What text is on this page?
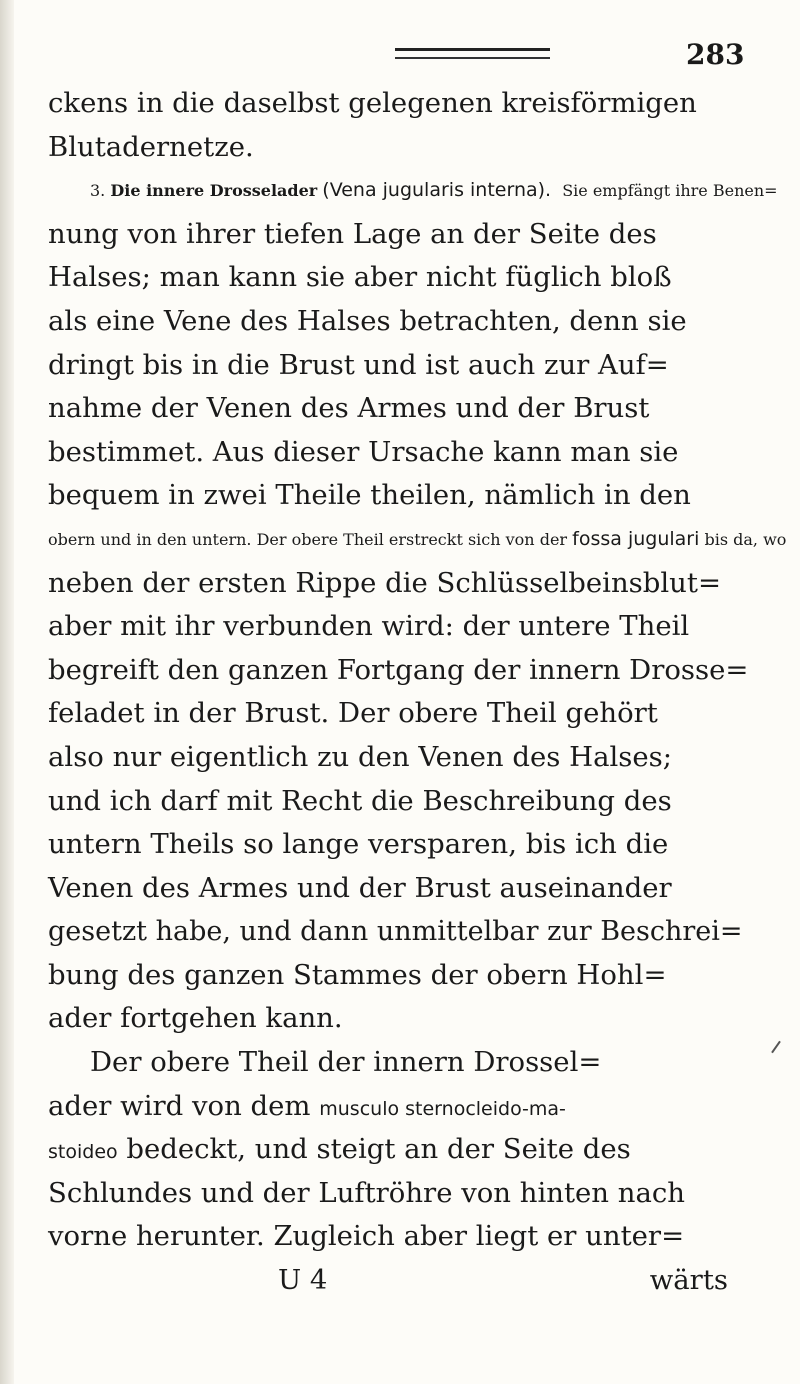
283
ckens in die daselbst gelegenen kreisförmigen
Blutadernetze.
3. Die innere Drosselader (Vena jugularis interna). Sie empfängt ihre Benen=
nung von ihrer tiefen Lage an der Seite des
Halses; man kann sie aber nicht füglich bloß
als eine Vene des Halses betrachten, denn sie
dringt bis in die Brust und ist auch zur Auf=
nahme der Venen des Armes und der Brust
bestimmet. Aus dieser Ursache kann man sie
bequem in zwei Theile theilen, nämlich in den
obern und in den untern. Der obere Theil erstreckt sich von der fossa jugulari bis da, wo
neben der ersten Rippe die Schlüsselbeinsblut=
aber mit ihr verbunden wird: der untere Theil
begreift den ganzen Fortgang der innern Drosse=
feladet in der Brust. Der obere Theil gehört
also nur eigentlich zu den Venen des Halses;
und ich darf mit Recht die Beschreibung des
untern Theils so lange versparen, bis ich die
Venen des Armes und der Brust auseinander
gesetzt habe, und dann unmittelbar zur Beschrei=
bung des ganzen Stammes der obern Hohl=
ader fortgehen kann.
Der obere Theil der innern Drossel=
ader wird von dem musculo sternocleido-ma-
stoideo bedeckt, und steigt an der Seite des
Schlundes und der Luftröhre von hinten nach
vorne herunter. Zugleich aber liegt er unter=
U 4	wärts
